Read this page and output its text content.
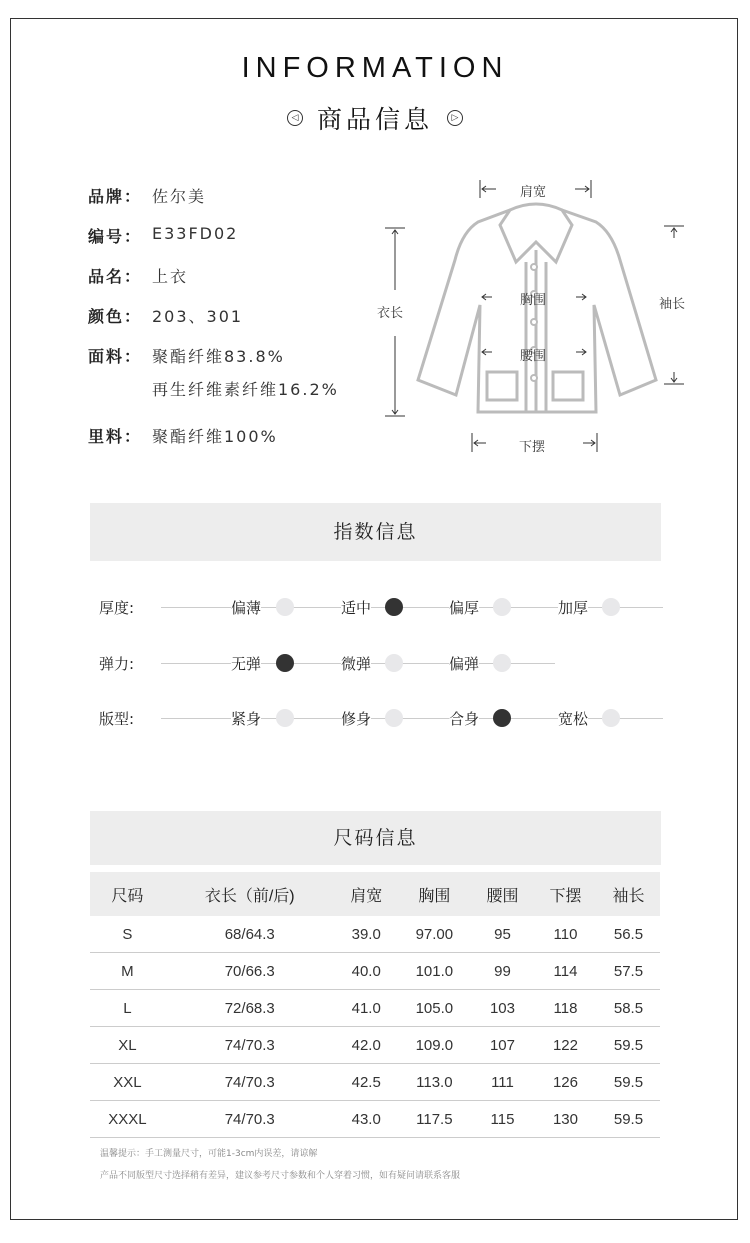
INFORMATION
◁ 商品信息	▷
品牌： 佐尔美
编号： E33FD02
品名： 上衣
颜色： 203、301
面料： 聚酯纤维83.8%
再生纤维素纤维16.2%
里料： 聚酯纤维100%
肩宽
衣长
胸围
腰围
下摆
袖长
指数信息
厚度:	偏薄	适中	偏厚	加厚
弹力:	无弹	微弹	偏弹
版型:	紧身	修身	合身	宽松
尺码信息
尺码	衣长（前/后)	肩宽	胸围	腰围	下摆	袖长
S	68/64.3	39.0	97.00	95	110	56.5
M	70/66.3	40.0	101.0	99	114	57.5
L	72/68.3	41.0	105.0	103	118	58.5
XL	74/70.3	42.0	109.0	107	122	59.5
XXL	74/70.3	42.5	113.0	111	126	59.5
XXXL	74/70.3	43.0	117.5	115	130	59.5
温馨提示：手工测量尺寸，可能1-3cm内误差，请谅解
产品不同版型尺寸选择稍有差异，建议参考尺寸参数和个人穿着习惯，如有疑问请联系客服
